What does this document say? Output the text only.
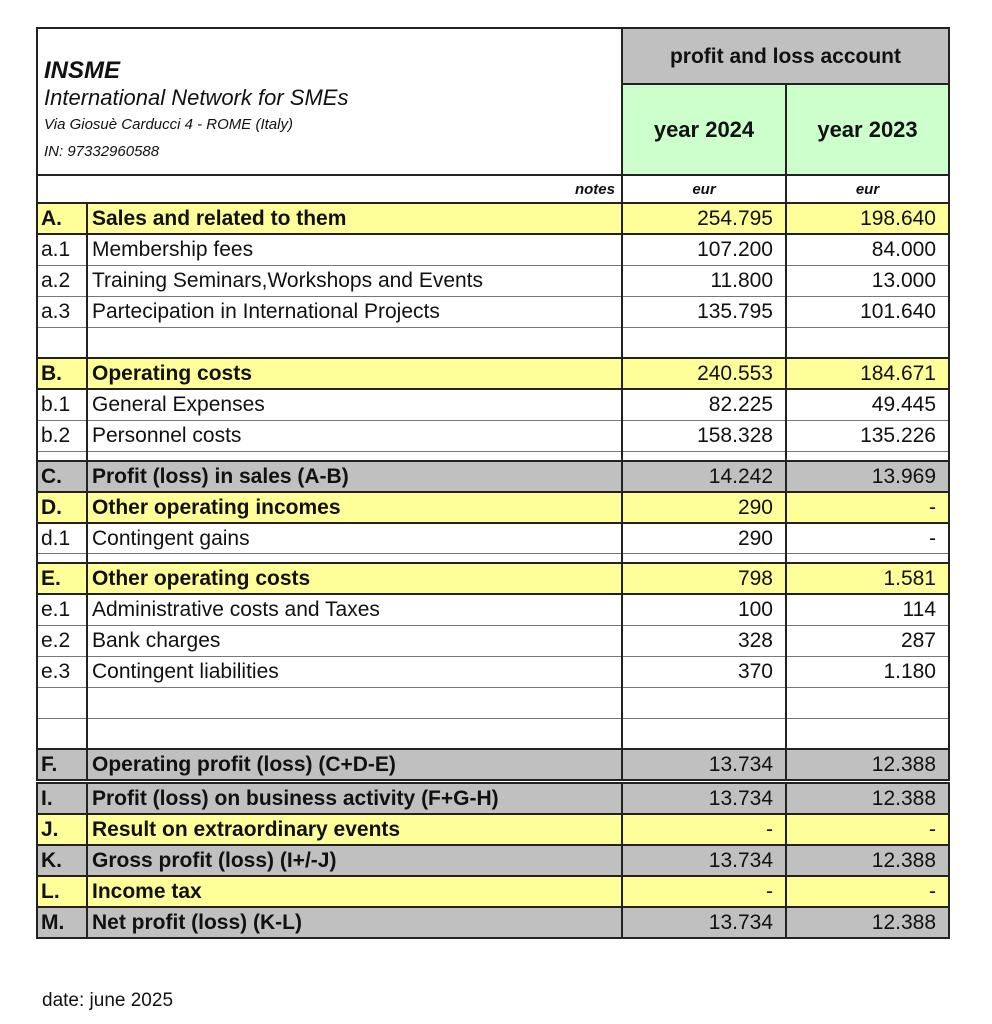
INSME
International Network for SMEs
Via Giosuè Carducci 4 - ROME (Italy)
IN: 97332960588		profit and loss account	
		year 2024	year 2023
notes		eur	eur
A.	Sales and related to them	254.795	198.640
a.1	Membership fees	107.200	84.000
a.2	Training Seminars,Workshops and Events	11.800	13.000
a.3	Partecipation in International Projects	135.795	101.640

B.	Operating costs	240.553	184.671
b.1	General Expenses	82.225	49.445
b.2	Personnel costs	158.328	135.226

C.	Profit (loss) in sales (A-B)	14.242	13.969
D.	Other operating incomes	290	-
d.1	Contingent gains	290	-

E.	Other operating costs	798	1.581
e.1	Administrative costs and Taxes	100	114
e.2	Bank charges	328	287
e.3	Contingent liabilities	370	1.180

F.	Operating profit (loss) (C+D-E)	13.734	12.388

I.	Profit (loss) on business activity (F+G-H)	13.734	12.388
J.	Result on extraordinary events	-	-
K.	Gross profit (loss) (I+/-J)	13.734	12.388
L.	Income tax	-	-
M.	Net profit (loss) (K-L)	13.734	12.388
date: june 2025
